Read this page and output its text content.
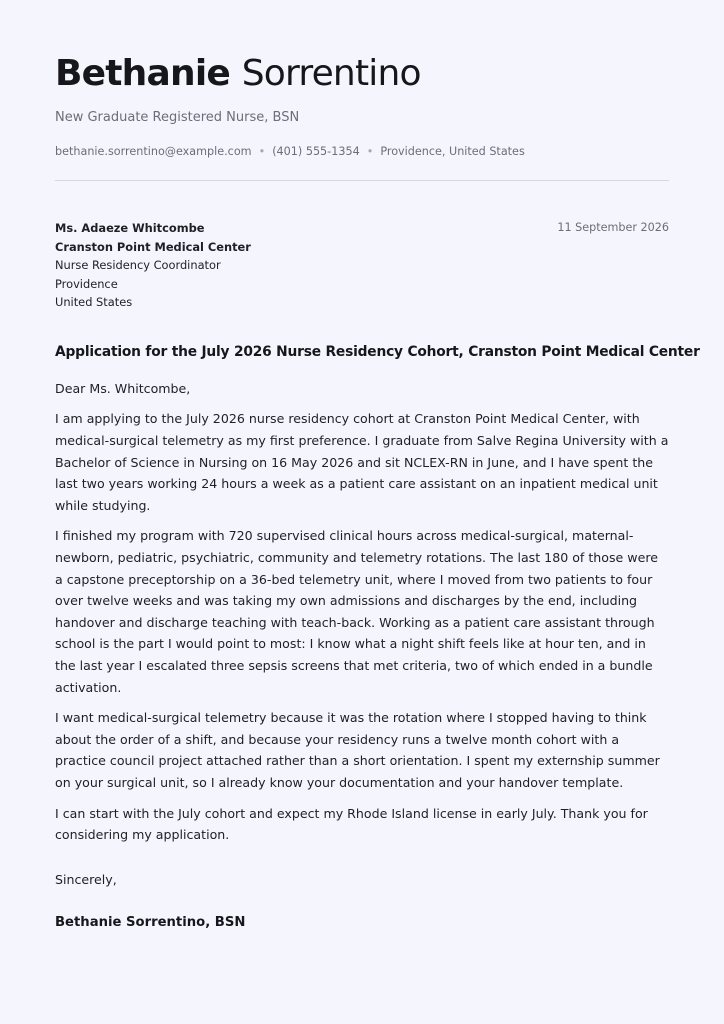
Bethanie Sorrentino
New Graduate Registered Nurse, BSN
bethanie.sorrentino@example.com • (401) 555-1354 • Providence, United States
Ms. Adaeze Whitcombe
Cranston Point Medical Center
Nurse Residency Coordinator
Providence
United States
11 September 2026
Application for the July 2026 Nurse Residency Cohort, Cranston Point Medical Center
Dear Ms. Whitcombe,

I am applying to the July 2026 nurse residency cohort at Cranston Point Medical Center, with medical-surgical telemetry as my first preference. I graduate from Salve Regina University with a Bachelor of Science in Nursing on 16 May 2026 and sit NCLEX-RN in June, and I have spent the last two years working 24 hours a week as a patient care assistant on an inpatient medical unit while studying.

I finished my program with 720 supervised clinical hours across medical-surgical, maternal-newborn, pediatric, psychiatric, community and telemetry rotations. The last 180 of those were a capstone preceptorship on a 36-bed telemetry unit, where I moved from two patients to four over twelve weeks and was taking my own admissions and discharges by the end, including handover and discharge teaching with teach-back. Working as a patient care assistant through school is the part I would point to most: I know what a night shift feels like at hour ten, and in the last year I escalated three sepsis screens that met criteria, two of which ended in a bundle activation.

I want medical-surgical telemetry because it was the rotation where I stopped having to think about the order of a shift, and because your residency runs a twelve month cohort with a practice council project attached rather than a short orientation. I spent my externship summer on your surgical unit, so I already know your documentation and your handover template.

I can start with the July cohort and expect my Rhode Island license in early July. Thank you for considering my application.

Sincerely,
Bethanie Sorrentino, BSN
